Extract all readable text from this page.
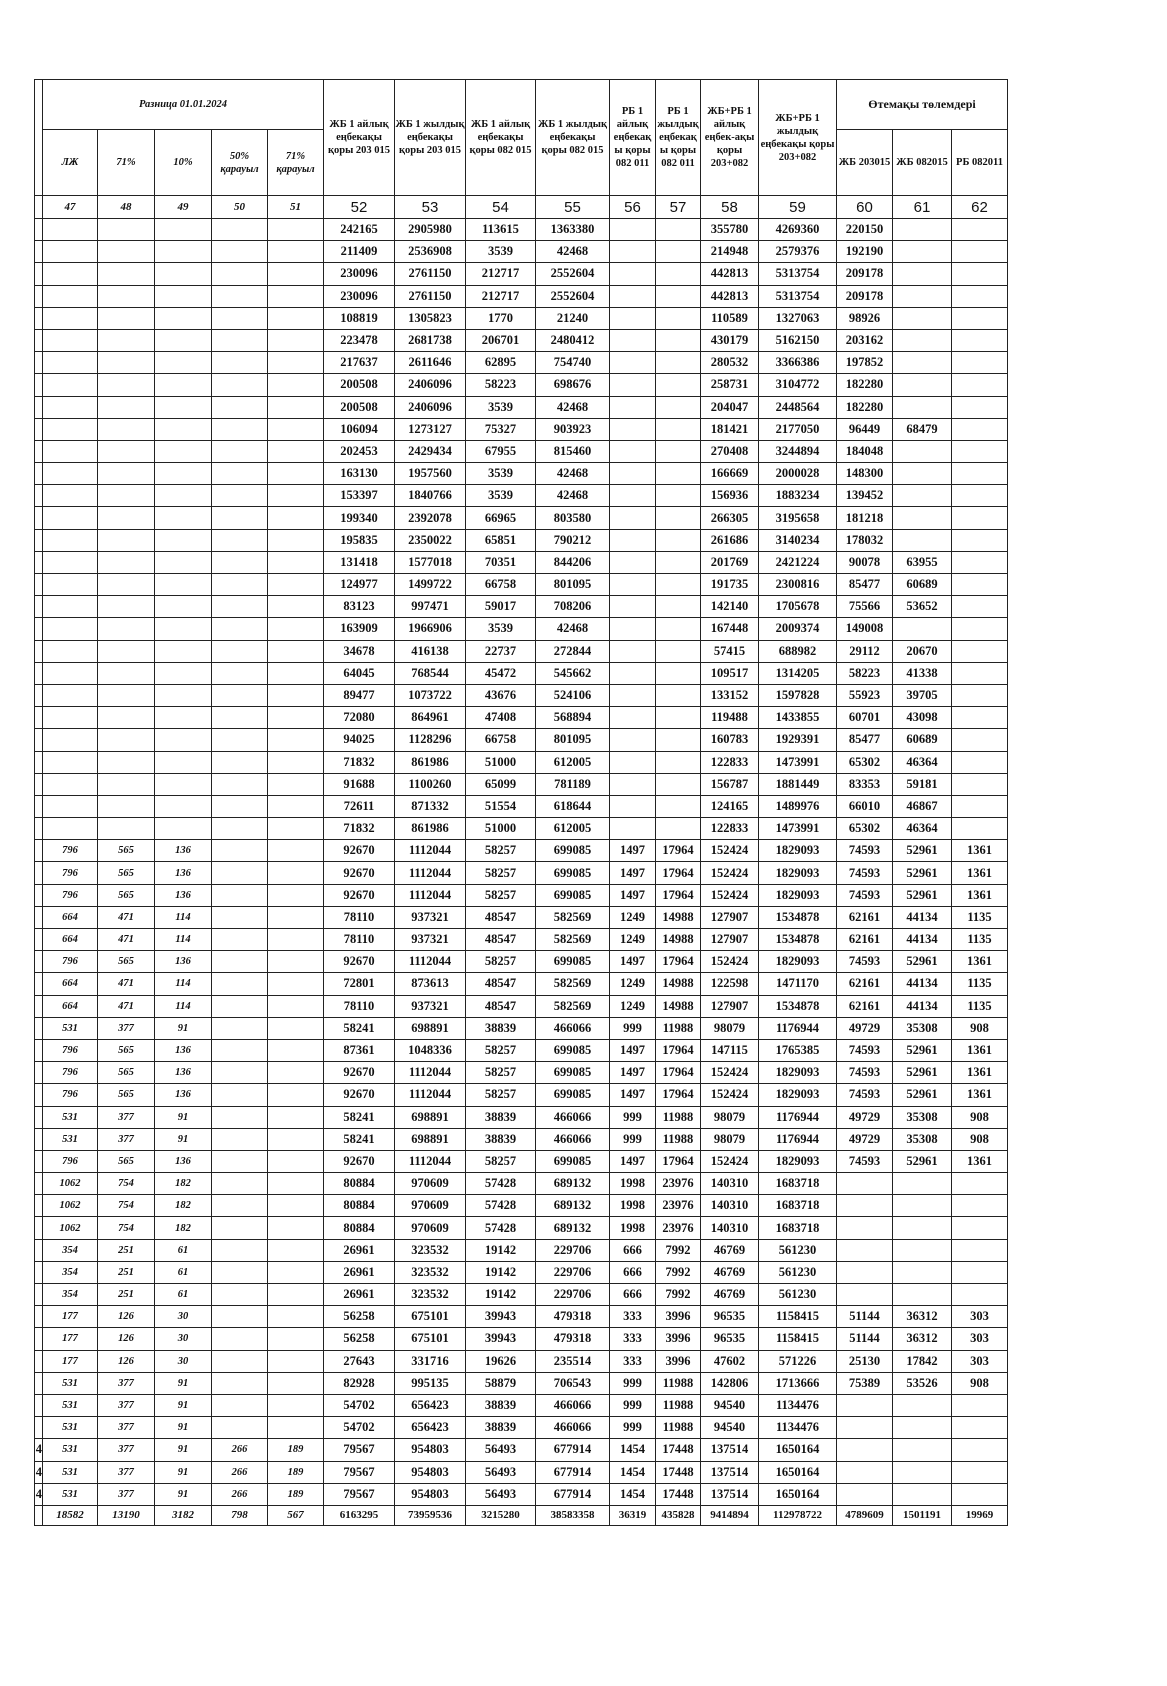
	Разница 01.01.2024					ЖБ 1 айлық еңбекақы қоры 203 015	ЖБ 1 жылдық еңбекақы қоры 203 015	ЖБ 1 айлық еңбекақы қоры 082 015	ЖБ 1 жылдық еңбекақы қоры 082 015	РБ 1 айлық еңбекақ ы қоры 082 011	РБ 1 жылдық еңбекақ ы қоры 082 011	ЖБ+РБ 1 айлық еңбек-ақы қоры 203+082	ЖБ+РБ 1 жылдық еңбекақы қоры 203+082	Өтемақы төлемдері		
	ЛЖ	71%	10%	50% қарауыл	71% қарауыл									ЖБ 203015	ЖБ 082015	РБ 082011
	47	48	49	50	51	52	53	54	55	56	57	58	59	60	61	62
						242165	2905980	113615	1363380			355780	4269360	220150		
						211409	2536908	3539	42468			214948	2579376	192190		
						230096	2761150	212717	2552604			442813	5313754	209178		
						230096	2761150	212717	2552604			442813	5313754	209178		
						108819	1305823	1770	21240			110589	1327063	98926		
						223478	2681738	206701	2480412			430179	5162150	203162		
						217637	2611646	62895	754740			280532	3366386	197852		
						200508	2406096	58223	698676			258731	3104772	182280		
						200508	2406096	3539	42468			204047	2448564	182280		
						106094	1273127	75327	903923			181421	2177050	96449	68479	
						202453	2429434	67955	815460			270408	3244894	184048		
						163130	1957560	3539	42468			166669	2000028	148300		
						153397	1840766	3539	42468			156936	1883234	139452		
						199340	2392078	66965	803580			266305	3195658	181218		
						195835	2350022	65851	790212			261686	3140234	178032		
						131418	1577018	70351	844206			201769	2421224	90078	63955	
						124977	1499722	66758	801095			191735	2300816	85477	60689	
						83123	997471	59017	708206			142140	1705678	75566	53652	
						163909	1966906	3539	42468			167448	2009374	149008		
						34678	416138	22737	272844			57415	688982	29112	20670	
						64045	768544	45472	545662			109517	1314205	58223	41338	
						89477	1073722	43676	524106			133152	1597828	55923	39705	
						72080	864961	47408	568894			119488	1433855	60701	43098	
						94025	1128296	66758	801095			160783	1929391	85477	60689	
						71832	861986	51000	612005			122833	1473991	65302	46364	
						91688	1100260	65099	781189			156787	1881449	83353	59181	
						72611	871332	51554	618644			124165	1489976	66010	46867	
						71832	861986	51000	612005			122833	1473991	65302	46364	
	796	565	136			92670	1112044	58257	699085	1497	17964	152424	1829093	74593	52961	1361
	796	565	136			92670	1112044	58257	699085	1497	17964	152424	1829093	74593	52961	1361
	796	565	136			92670	1112044	58257	699085	1497	17964	152424	1829093	74593	52961	1361
	664	471	114			78110	937321	48547	582569	1249	14988	127907	1534878	62161	44134	1135
	664	471	114			78110	937321	48547	582569	1249	14988	127907	1534878	62161	44134	1135
	796	565	136			92670	1112044	58257	699085	1497	17964	152424	1829093	74593	52961	1361
	664	471	114			72801	873613	48547	582569	1249	14988	122598	1471170	62161	44134	1135
	664	471	114			78110	937321	48547	582569	1249	14988	127907	1534878	62161	44134	1135
	531	377	91			58241	698891	38839	466066	999	11988	98079	1176944	49729	35308	908
	796	565	136			87361	1048336	58257	699085	1497	17964	147115	1765385	74593	52961	1361
	796	565	136			92670	1112044	58257	699085	1497	17964	152424	1829093	74593	52961	1361
	796	565	136			92670	1112044	58257	699085	1497	17964	152424	1829093	74593	52961	1361
	531	377	91			58241	698891	38839	466066	999	11988	98079	1176944	49729	35308	908
	531	377	91			58241	698891	38839	466066	999	11988	98079	1176944	49729	35308	908
	796	565	136			92670	1112044	58257	699085	1497	17964	152424	1829093	74593	52961	1361
	1062	754	182			80884	970609	57428	689132	1998	23976	140310	1683718			
	1062	754	182			80884	970609	57428	689132	1998	23976	140310	1683718			
	1062	754	182			80884	970609	57428	689132	1998	23976	140310	1683718			
	354	251	61			26961	323532	19142	229706	666	7992	46769	561230			
	354	251	61			26961	323532	19142	229706	666	7992	46769	561230			
	354	251	61			26961	323532	19142	229706	666	7992	46769	561230			
	177	126	30			56258	675101	39943	479318	333	3996	96535	1158415	51144	36312	303
	177	126	30			56258	675101	39943	479318	333	3996	96535	1158415	51144	36312	303
	177	126	30			27643	331716	19626	235514	333	3996	47602	571226	25130	17842	303
	531	377	91			82928	995135	58879	706543	999	11988	142806	1713666	75389	53526	908
	531	377	91			54702	656423	38839	466066	999	11988	94540	1134476			
	531	377	91			54702	656423	38839	466066	999	11988	94540	1134476			
4	531	377	91	266	189	79567	954803	56493	677914	1454	17448	137514	1650164			
4	531	377	91	266	189	79567	954803	56493	677914	1454	17448	137514	1650164			
4	531	377	91	266	189	79567	954803	56493	677914	1454	17448	137514	1650164			
	18582	13190	3182	798	567	6163295	73959536	3215280	38583358	36319	435828	9414894	112978722	4789609	1501191	19969
